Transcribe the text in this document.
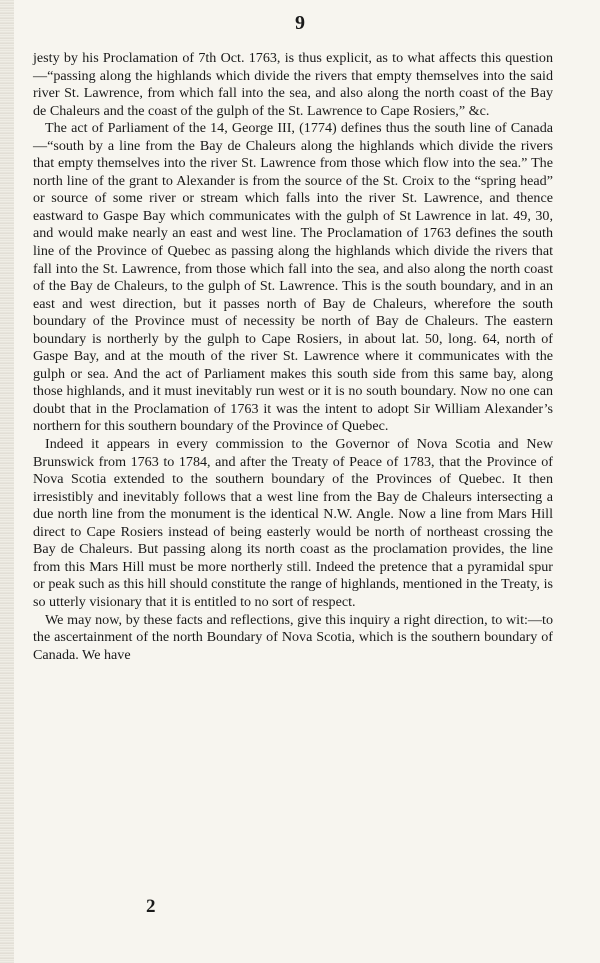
9

jesty by his Proclamation of 7th Oct. 1763, is thus explicit, as to what affects this question—“passing along the highlands which divide the rivers that empty themselves into the said river St. Lawrence, from which fall into the sea, and also along the north coast of the Bay de Chaleurs and the coast of the gulph of the St. Lawrence to Cape Rosiers,” &c.

The act of Parliament of the 14, George III, (1774) defines thus the south line of Canada—“south by a line from the Bay de Chaleurs along the highlands which divide the rivers that empty themselves into the river St. Lawrence from those which flow into the sea.” The north line of the grant to Alexander is from the source of the St. Croix to the “spring head” or source of some river or stream which falls into the river St. Lawrence, and thence eastward to Gaspe Bay which communicates with the gulph of St Lawrence in lat. 49, 30, and would make nearly an east and west line. The Proclamation of 1763 defines the south line of the Province of Quebec as passing along the highlands which divide the rivers that fall into the St. Lawrence, from those which fall into the sea, and also along the north coast of the Bay de Chaleurs, to the gulph of St. Lawrence. This is the south boundary, and in an east and west direction, but it passes north of Bay de Chaleurs, wherefore the south boundary of the Province must of necessity be north of Bay de Chaleurs. The eastern boundary is northerly by the gulph to Cape Rosiers, in about lat. 50, long. 64, north of Gaspe Bay, and at the mouth of the river St. Lawrence where it communicates with the gulph or sea. And the act of Parliament makes this south side from this same bay, along those highlands, and it must inevitably run west or it is no south boundary. Now no one can doubt that in the Proclamation of 1763 it was the intent to adopt Sir William Alexander’s northern for this southern boundary of the Province of Quebec.

Indeed it appears in every commission to the Governor of Nova Scotia and New Brunswick from 1763 to 1784, and after the Treaty of Peace of 1783, that the Province of Nova Scotia extended to the southern boundary of the Provinces of Quebec. It then irresistibly and inevitably follows that a west line from the Bay de Chaleurs intersecting a due north line from the monument is the identical N.W. Angle. Now a line from Mars Hill direct to Cape Rosiers instead of being easterly would be north of northeast crossing the Bay de Chaleurs. But passing along its north coast as the proclamation provides, the line from this Mars Hill must be more northerly still. Indeed the pretence that a pyramidal spur or peak such as this hill should constitute the range of highlands, mentioned in the Treaty, is so utterly visionary that it is entitled to no sort of respect.

We may now, by these facts and reflections, give this inquiry a right direction, to wit:—to the ascertainment of the north Boundary of Nova Scotia, which is the southern boundary of Canada. We have

2
